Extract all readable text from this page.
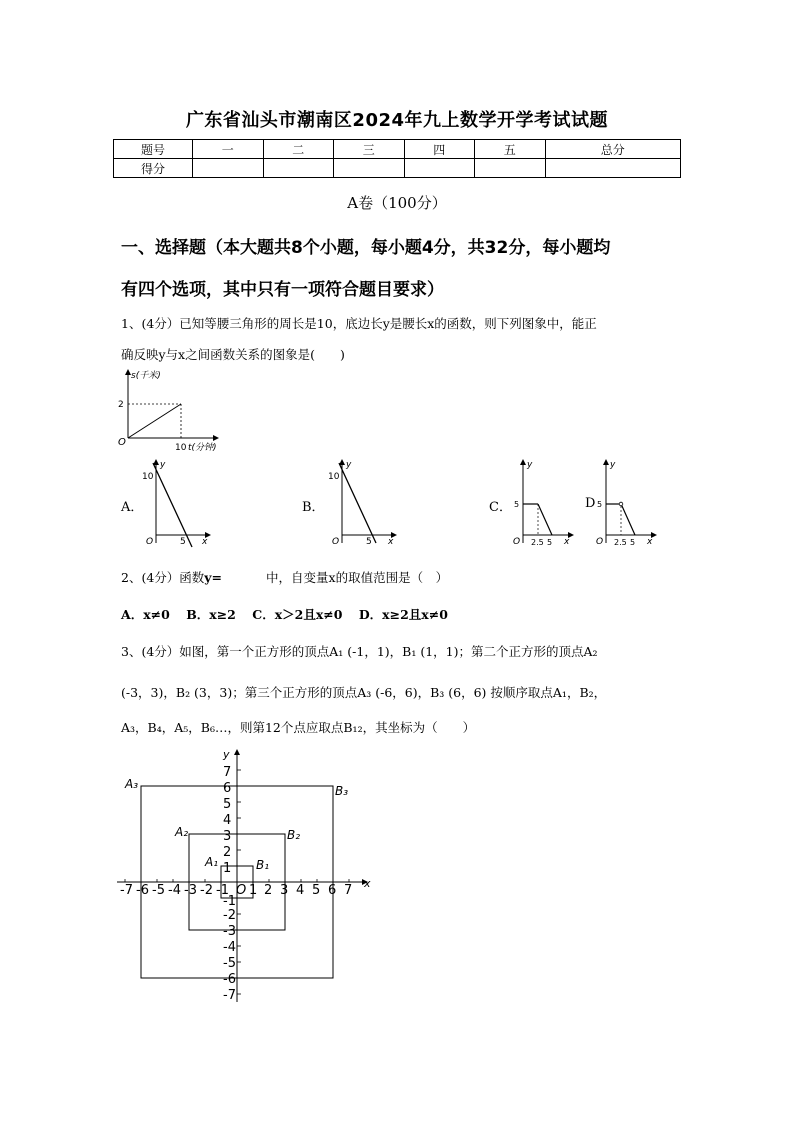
广东省汕头市潮南区2024年九上数学开学考试试题
题号	一	二	三	四	五	总分
得分						
A卷（100分）
一、选择题（本大题共8个小题，每小题4分，共32分，每小题均
有四个选项，其中只有一项符合题目要求）
1、(4分）已知等腰三角形的周长是10，底边长y是腰长x的函数，则下列图象中，能正
确反映y与x之间函数关系的图象是(　　)
s(千米)
2
O	10 t(分钟)
A．
y
10
O	5 x
B．
y
10
O	5 x
C．
y
5
O 2.5 5 x
D
y
5
O 2.5 5 x
2、(4分）函数y=	中，自变量x的取值范围是（　）
A．x≠0 B．x≥2 C．x＞2且x≠0 D．x≥2且x≠0
3、(4分）如图，第一个正方形的顶点A₁ (-1，1)，B₁ (1，1)；第二个正方形的顶点A₂
(-3，3)，B₂ (3，3)；第三个正方形的顶点A₃ (-6，6)，B₃ (6，6) 按顺序取点A₁，B₂，
A₃，B₄，A₅，B₆…，则第12个点应取点B₁₂，其坐标为（　　）
x
y
O
-7 -6 -5 -4 -3 -2 -1 1 2 3 4 5 6 7
7
6
5
4
3
2
1
-1
-2
-3
-4
-5
-6
-7
A₁	B₁
A₂	B₂
A₃	B₃
